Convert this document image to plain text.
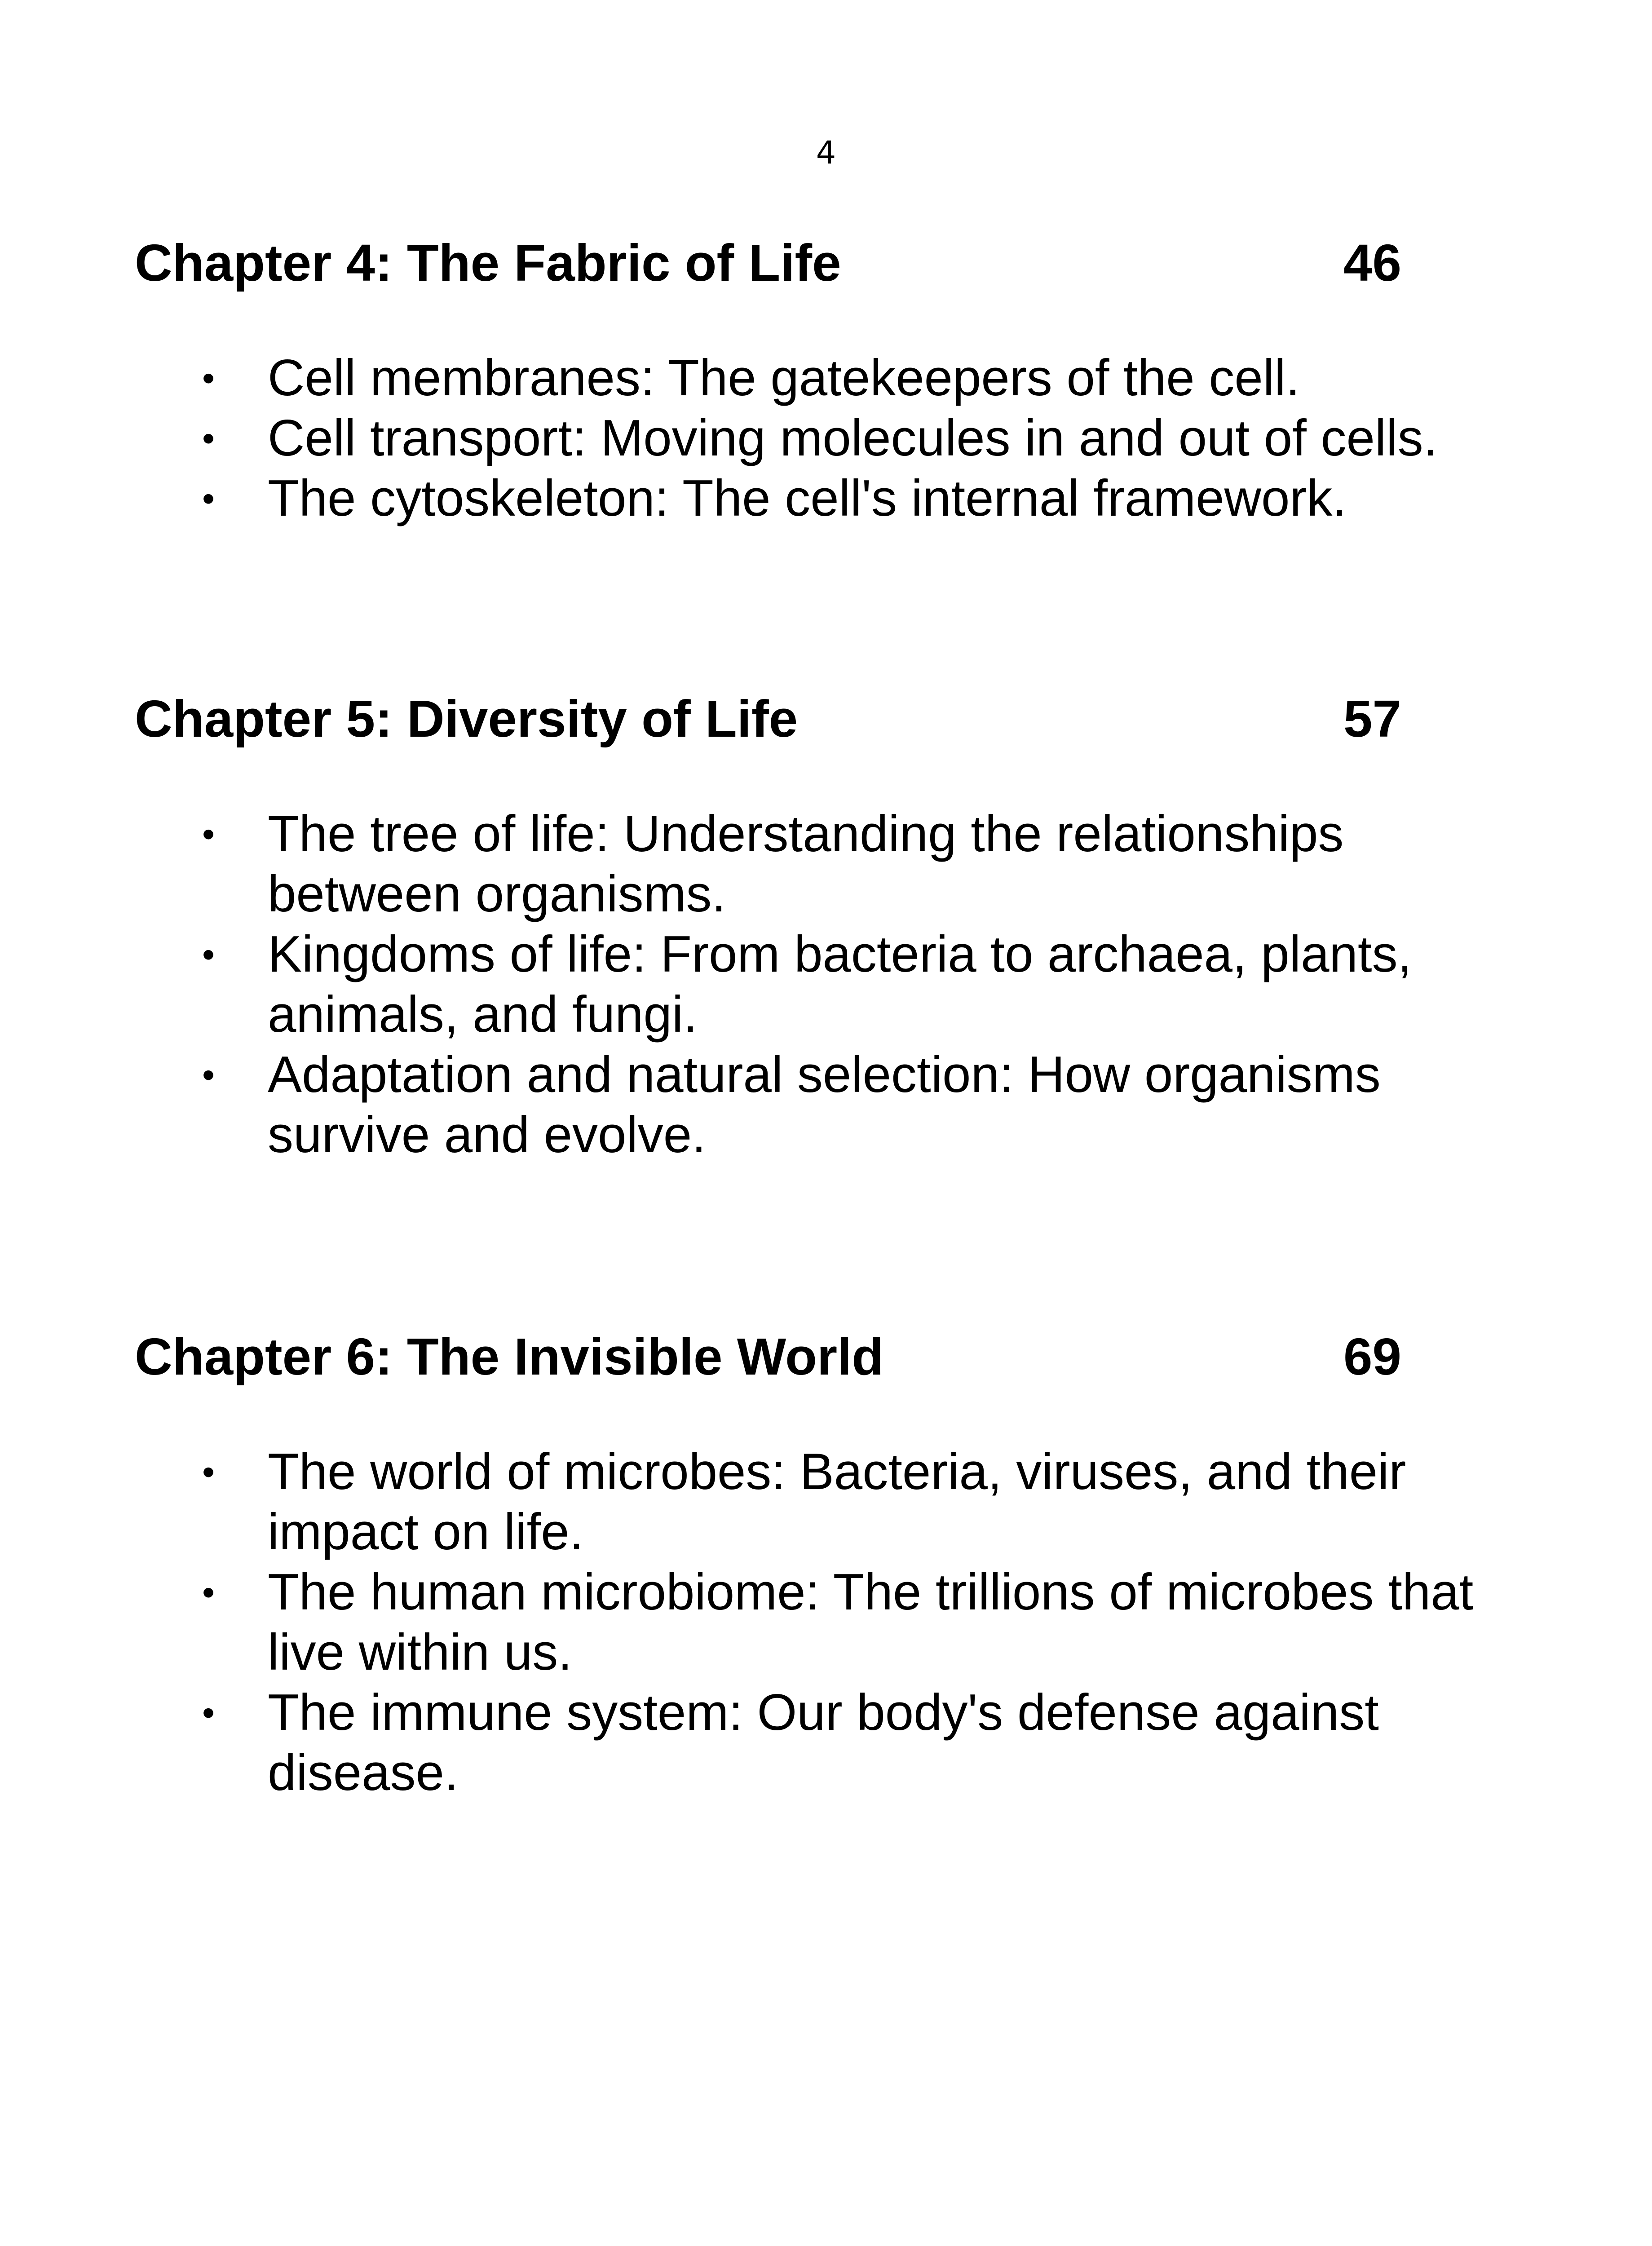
4
Chapter 4: The Fabric of Life	46
• Cell membranes: The gatekeepers of the cell.
• Cell transport: Moving molecules in and out of cells.
• The cytoskeleton: The cell's internal framework.
Chapter 5: Diversity of Life	57
• The tree of life: Understanding the relationships between organisms.
• Kingdoms of life: From bacteria to archaea, plants, animals, and fungi.
• Adaptation and natural selection: How organisms survive and evolve.
Chapter 6: The Invisible World	69
• The world of microbes: Bacteria, viruses, and their impact on life.
• The human microbiome: The trillions of microbes that live within us.
• The immune system: Our body's defense against disease.
